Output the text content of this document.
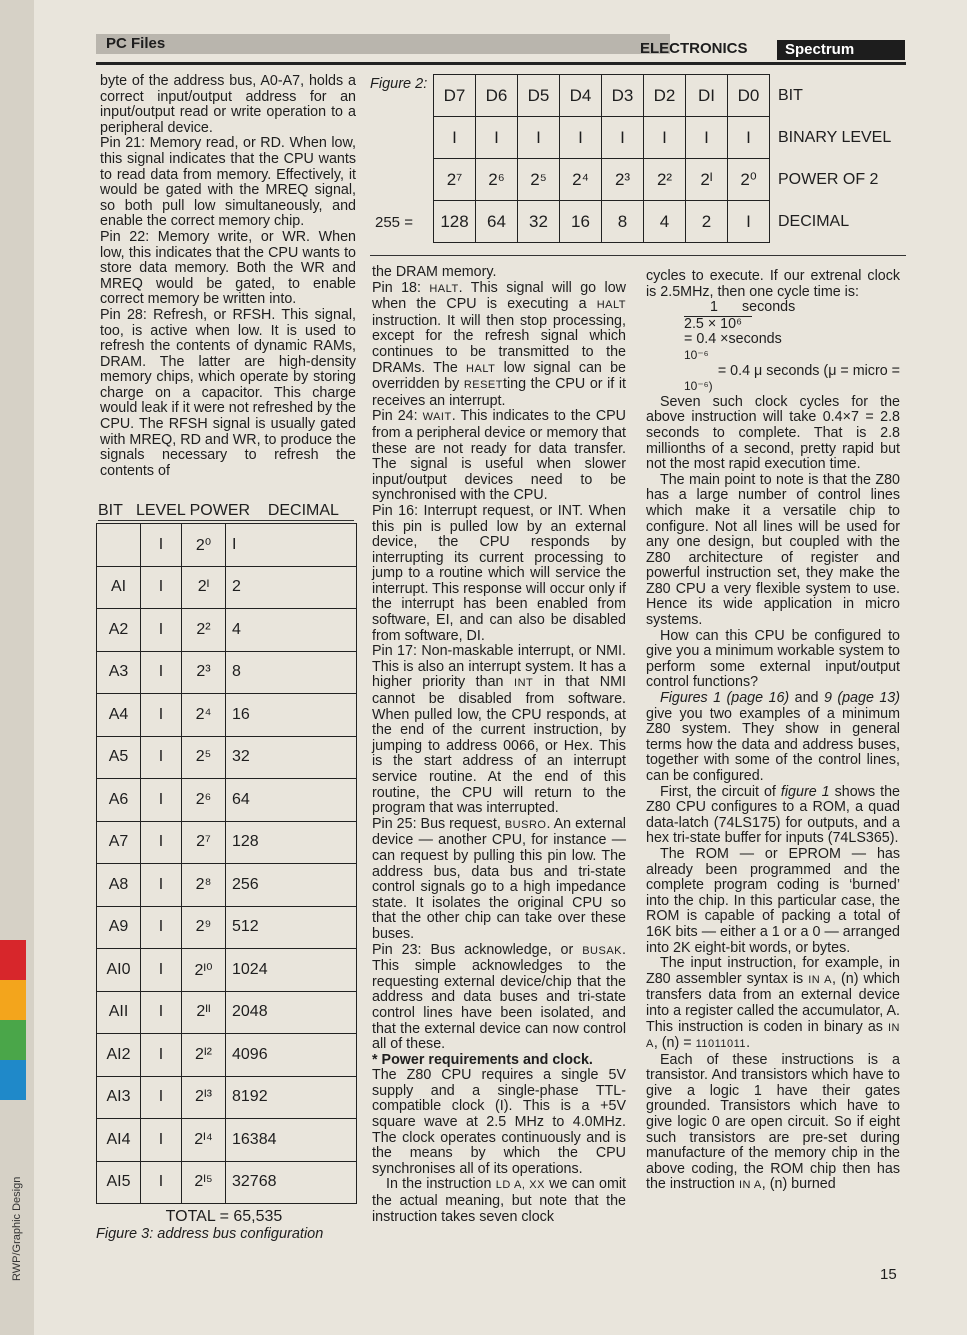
RWP/Graphic Design
PC Files	ELECTRONICS	Spectrum

byte of the address bus, A0-A7, holds a correct input/output address for an input/output read or write operation to a peripheral device.

Pin 21: Memory read, or RD. When low, this signal indicates that the CPU wants to read data from memory. Effectively, it would be gated with the MREQ signal, so both pull low simultaneously, and enable the correct memory chip.

Pin 22: Memory write, or WR. When low, this indicates that the CPU wants to store data memory. Both the WR and MREQ would be gated, to enable correct memory be written into.

Pin 28: Refresh, or RFSH. This signal, too, is active when low. It is used to refresh the contents of dynamic RAMs, DRAM. The latter are high-density memory chips, which operate by storing charge on a capacitor. This charge would leak if it were not refreshed by the CPU. The RFSH signal is usually gated with MREQ, RD and WR, to produce the signals necessary to refresh the contents of

Figure 2:
255 =
D7	D6	D5	D4	D3	D2	DI	D0	BIT
I	I	I	I	I	I	I	I	BINARY LEVEL
2⁷	2⁶	2⁵	2⁴	2³	2²	2ᴵ	2⁰	POWER OF 2
128	64	32	16	8	4	2	I	DECIMAL
BIT   LEVEL POWER    DECIMAL
	I	2⁰	I
AI	I	2ᴵ	2
A2	I	2²	4
A3	I	2³	8
A4	I	2⁴	16
A5	I	2⁵	32
A6	I	2⁶	64
A7	I	2⁷	128
A8	I	2⁸	256
A9	I	2⁹	512
AI0	I	2ᴵ⁰	1024
AII	I	2ᴵᴵ	2048
AI2	I	2ᴵ²	4096
AI3	I	2ᴵ³	8192
AI4	I	2ᴵ⁴	16384
AI5	I	2ᴵ⁵	32768
TOTAL = 65,535
Figure 3: address bus configuration

the DRAM memory.

Pin 18: HALT. This signal will go low when the CPU is executing a HALT instruction. It will then stop processing, except for the refresh signal which continues to be transmitted to the DRAMs. The HALT low signal can be overridden by RESETting the CPU or if it receives an interrupt.

Pin 24: WAIT. This indicates to the CPU from a peripheral device or memory that these are not ready for data transfer. The signal is useful when slower input/output devices need to be synchronised with the CPU.

Pin 16: Interrupt request, or INT. When this pin is pulled low by an external device, the CPU responds by interrupting its current processing to jump to a routine which will service the interrupt. This response will occur only if the interrupt has been enabled from software, EI, and can also be disabled from software, DI.

Pin 17: Non-maskable interrupt, or NMI. This is also an interrupt system. It has a higher priority than INT in that NMI cannot be disabled from software. When pulled low, the CPU responds, at the end of the current instruction, by jumping to address 0066, or Hex. This is the start address of an interrupt service routine. At the end of this routine, the CPU will return to the program that was interrupted.

Pin 25: Bus request, BUSRO. An external device — another CPU, for instance — can request by pulling this pin low. The address bus, data bus and tri-state control signals go to a high impedance state. It isolates the original CPU so that the other chip can take over these buses.

Pin 23: Bus acknowledge, or BUSAK. This simple acknowledges to the requesting external device/chip that the address and data buses and tri-state control lines have been isolated, and that the external device can now control all of these.

* Power requirements and clock.

The Z80 CPU requires a single 5V supply and a single-phase TTL-compatible clock (I). This is a +5V square wave at 2.5 MHz to 4.0MHz. The clock operates continuously and is the means by which the CPU synchronises all of its operations.

In the instruction LD A, XX we can omit the actual meaning, but note that the instruction takes seven clock

cycles to execute. If our extrenal clock is 2.5MHz, then one cycle time is:

1 seconds

2.5 × 10⁶

= 0.4 ×seconds

10⁻⁶

= 0.4 μ seconds (μ = micro =

10⁻⁶)

Seven such clock cycles for the above instruction will take 0.4×7 = 2.8 seconds to complete. That is 2.8 millionths of a second, pretty rapid but not the most rapid execution time.

The main point to note is that the Z80 has a large number of control lines which make it a versatile chip to configure. Not all lines will be used for any one design, but coupled with the Z80 architecture of register and powerful instruction set, they make the Z80 CPU a very flexible system to use. Hence its wide application in micro systems.

How can this CPU be configured to give you a minimum workable system to perform some external input/output control functions?

Figures 1 (page 16) and 9 (page 13) give you two examples of a minimum Z80 system. They show in general terms how the data and address buses, together with some of the control lines, can be configured.

First, the circuit of figure 1 shows the Z80 CPU configures to a ROM, a quad data-latch (74LS175) for outputs, and a hex tri-state buffer for inputs (74LS365).

The ROM — or EPROM — has already been programmed and the complete program coding is ‘burned’ into the chip. In this particular case, the ROM is capable of packing a total of 16K bits — either a 1 or a 0 — arranged into 2K eight-bit words, or bytes.

The input instruction, for example, in Z80 assembler syntax is IN A, (n) which transfers data from an external device into a register called the accumulator, A. This instruction is coden in binary as IN A, (n) = 11011011.

Each of these instructions is a transistor. And transistors which have to give a logic 1 have their gates grounded. Transistors which have to give logic 0 are open circuit. So if eight such transistors are pre-set during manufacture of the memory chip in the above coding, the ROM chip then has the instruction IN A, (n) burned

15
